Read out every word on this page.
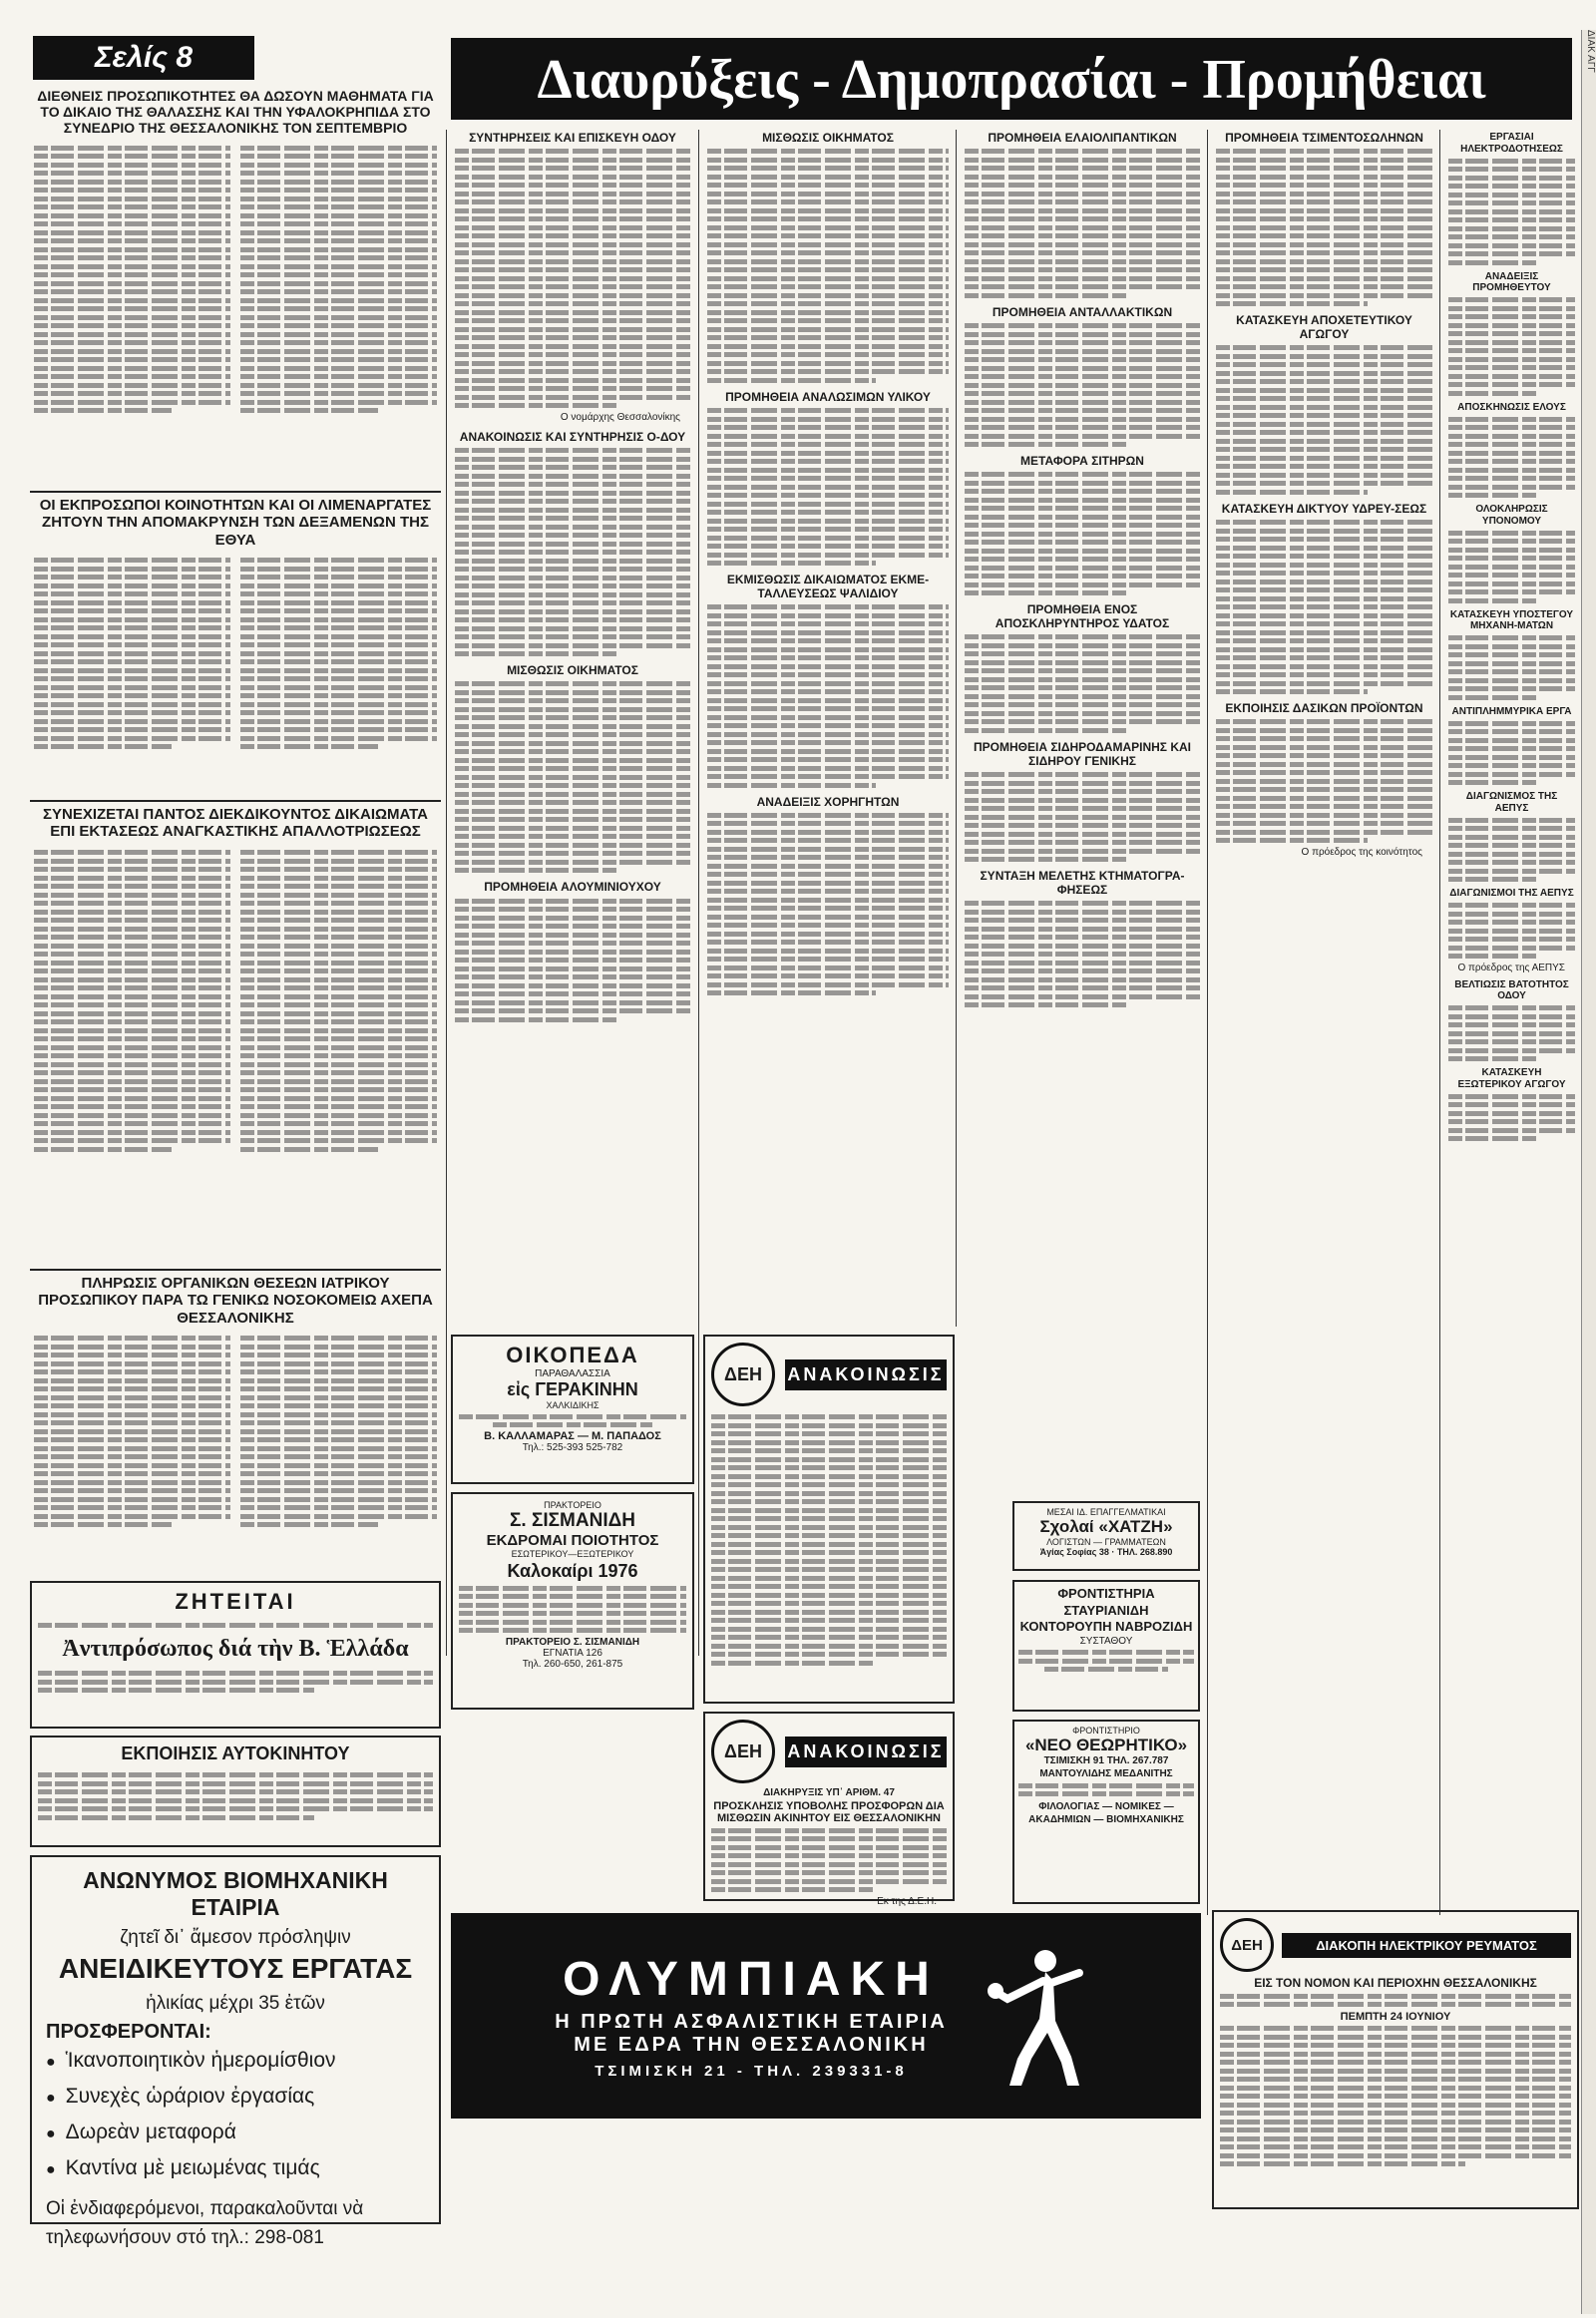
Σελίς 8	Διαυρύξεις - Δημοπρασίαι - Προμήθειαι	ΔΙΑΚ ΑΓΓ
ΔΙΕΘΝΕΙΣ ΠΡΟΣΩΠΙΚΟΤΗΤΕΣ ΘΑ ΔΩΣΟΥΝ ΜΑΘΗΜΑΤΑ ΓΙΑ ΤΟ ΔΙΚΑΙΟ ΤΗΣ ΘΑΛΑΣΣΗΣ ΚΑΙ ΤΗΝ ΥΦΑΛΟΚΡΗΠΙΔΑ ΣΤΟ ΣΥΝΕΔΡΙΟ ΤΗΣ ΘΕΣΣΑΛΟΝΙΚΗΣ ΤΟΝ ΣΕΠΤΕΜΒΡΙΟ
ΟΙ ΕΚΠΡΟΣΩΠΟΙ ΚΟΙΝΟΤΗΤΩΝ ΚΑΙ ΟΙ ΛΙΜΕΝΑΡΓΑΤΕΣ ΖΗΤΟΥΝ ΤΗΝ ΑΠΟΜΑΚΡΥΝΣΗ ΤΩΝ ΔΕΞΑΜΕΝΩΝ ΤΗΣ ΕΘΥΑ
ΣΥΝΕΧΙΖΕΤΑΙ ΠΑΝΤΟΣ ΔΙΕΚΔΙΚΟΥΝΤΟΣ ΔΙΚΑΙΩΜΑΤΑ ΕΠΙ ΕΚΤΑΣΕΩΣ ΑΝΑΓΚΑΣΤΙΚΗΣ ΑΠΑΛΛΟΤΡΙΩΣΕΩΣ
ΠΛΗΡΩΣΙΣ ΟΡΓΑΝΙΚΩΝ ΘΕΣΕΩΝ ΙΑΤΡΙΚΟΥ ΠΡΟΣΩΠΙΚΟΥ ΠΑΡΑ ΤΩ ΓΕΝΙΚΩ ΝΟΣΟΚΟΜΕΙΩ ΑΧΕΠΑ ΘΕΣΣΑΛΟΝΙΚΗΣ
ΖΗΤΕΙΤΑΙ
Ἀντιπρόσωπος διά τὴν Β. Ἑλλάδα
ΕΚΠΟΙΗΣΙΣ ΑΥΤΟΚΙΝΗΤΟΥ
ΑΝΩΝΥΜΟΣ ΒΙΟΜΗΧΑΝΙΚΗ ΕΤΑΙΡΙΑ
ζητεῖ δι᾽ ἄμεσον πρόσληψιν
ΑΝΕΙΔΙΚΕΥΤΟΥΣ ΕΡΓΑΤΑΣ
ἡλικίας μέχρι 35 ἐτῶν
ΠΡΟΣΦΕΡΟΝΤΑΙ:
● Ἱκανοποιητικὸν ἡμερομίσθιον
● Συνεχὲς ὡράριον ἐργασίας
● Δωρεὰν μεταφορά
● Καντίνα μὲ μειωμένας τιμάς
Οἱ ἐνδιαφερόμενοι, παρακαλοῦνται νὰ τηλεφωνήσουν στό τηλ.: 298-081
ΣΥΝΤΗΡΗΣΕΙΣ ΚΑΙ ΕΠΙΣΚΕΥΗ ΟΔΟΥ
Ο νομάρχης Θεσσαλονίκης
ΑΝΑΚΟΙΝΩΣΙΣ ΚΑΙ ΣΥΝΤΗΡΗΣΙΣ Ο-ΔΟΥ
ΜΙΣΘΩΣΙΣ ΟΙΚΗΜΑΤΟΣ
ΠΡΟΜΗΘΕΙΑ ΑΛΟΥΜΙΝΙΟΥΧΟΥ
ΜΙΣΘΩΣΙΣ ΟΙΚΗΜΑΤΟΣ
ΠΡΟΜΗΘΕΙΑ ΑΝΑΛΩΣΙΜΩΝ ΥΛΙΚΟΥ
ΕΚΜΙΣΘΩΣΙΣ ΔΙΚΑΙΩΜΑΤΟΣ ΕΚΜΕ-ΤΑΛΛΕΥΣΕΩΣ ΨΑΛΙΔΙΟΥ
ΑΝΑΔΕΙΞΙΣ ΧΟΡΗΓΗΤΩΝ
ΠΡΟΜΗΘΕΙΑ ΕΛΑΙΟΛΙΠΑΝΤΙΚΩΝ
ΠΡΟΜΗΘΕΙΑ ΑΝΤΑΛΛΑΚΤΙΚΩΝ
ΜΕΤΑΦΟΡΑ ΣΙΤΗΡΩΝ
ΠΡΟΜΗΘΕΙΑ ΕΝΟΣ ΑΠΟΣΚΛΗΡΥΝΤΗΡΟΣ ΥΔΑΤΟΣ
ΠΡΟΜΗΘΕΙΑ ΣΙΔΗΡΟΔΑΜΑΡΙΝΗΣ ΚΑΙ ΣΙΔΗΡΟΥ ΓΕΝΙΚΗΣ
ΣΥΝΤΑΞΗ ΜΕΛΕΤΗΣ ΚΤΗΜΑΤΟΓΡΑ-ΦΗΣΕΩΣ
ΠΡΟΜΗΘΕΙΑ ΤΣΙΜΕΝΤΟΣΩΛΗΝΩΝ
ΚΑΤΑΣΚΕΥΗ ΑΠΟΧΕΤΕΥΤΙΚΟΥ ΑΓΩΓΟΥ
ΚΑΤΑΣΚΕΥΗ ΔΙΚΤΥΟΥ ΥΔΡΕΥ-ΣΕΩΣ
ΕΚΠΟΙΗΣΙΣ ΔΑΣΙΚΩΝ ΠΡΟΪΟΝΤΩΝ
Ο πρόεδρος της κοινότητος
ΕΡΓΑΣΙΑΙ ΗΛΕΚΤΡΟΔΟΤΗΣΕΩΣ
ΑΝΑΔΕΙΞΙΣ ΠΡΟΜΗΘΕΥΤΟΥ
ΑΠΟΣΚΗΝΩΣΙΣ ΕΛΟΥΣ
ΟΛΟΚΛΗΡΩΣΙΣ ΥΠΟΝΟΜΟΥ
ΚΑΤΑΣΚΕΥΗ ΥΠΟΣΤΕΓΟΥ ΜΗΧΑΝΗ-ΜΑΤΩΝ
ΑΝΤΙΠΛΗΜΜΥΡΙΚΑ ΕΡΓΑ
ΔΙΑΓΩΝΙΣΜΟΣ ΤΗΣ ΑΕΠΥΣ
ΔΙΑΓΩΝΙΣΜΟΙ ΤΗΣ ΑΕΠΥΣ
Ο πρόεδρος της ΑΕΠΥΣ
ΒΕΛΤΙΩΣΙΣ ΒΑΤΟΤΗΤΟΣ ΟΔΟΥ
ΚΑΤΑΣΚΕΥΗ ΕΞΩΤΕΡΙΚΟΥ ΑΓΩΓΟΥ
ΟΙΚΟΠΕΔΑ
ΠΑΡΑΘΑΛΑΣΣΙΑ
εἰς ΓΕΡΑΚΙΝΗΝ
ΧΑΛΚΙΔΙΚΗΣ
Β. ΚΑΛΛΑΜΑΡΑΣ — Μ. ΠΑΠΑΔΟΣ
Τηλ.: 525-393 525-782
ΠΡΑΚΤΟΡΕΙΟ
Σ. ΣΙΣΜΑΝΙΔΗ
ΕΚΔΡΟΜΑΙ ΠΟΙΟΤΗΤΟΣ
ΕΣΩΤΕΡΙΚΟΥ—ΕΞΩΤΕΡΙΚΟΥ
Καλοκαίρι 1976
ΠΡΑΚΤΟΡΕΙΟ Σ. ΣΙΣΜΑΝΙΔΗ
ΕΓΝΑΤΙΑ 126
Τηλ. 260-650, 261-875
ΔΕΗ	ΑΝΑΚΟΙΝΩΣΙΣ
ΔΕΗ	ΑΝΑΚΟΙΝΩΣΙΣ
ΔΙΑΚΗΡΥΞΙΣ ΥΠ᾽ ΑΡΙΘΜ. 47
ΠΡΟΣΚΛΗΣΙΣ ΥΠΟΒΟΛΗΣ ΠΡΟΣΦΟΡΩΝ ΔΙΑ ΜΙΣΘΩΣΙΝ ΑΚΙΝΗΤΟΥ ΕΙΣ ΘΕΣΣΑΛΟΝΙΚΗΝ
Εκ της Δ.Ε.Η.
ΜΕΣΑΙ ΙΔ. ΕΠΑΓΓΕΛΜΑΤΙΚΑΙ
Σχολαί «ΧΑΤΖΗ»
ΛΟΓΙΣΤΩΝ — ΓΡΑΜΜΑΤΕΩΝ
Ἁγίας Σοφίας 38 · ΤΗΛ. 268.890
ΦΡΟΝΤΙΣΤΗΡΙΑ
ΣΤΑΥΡΙΑΝΙΔΗ ΚΟΝΤΟΡΟΥΠΗ ΝΑΒΡΟΖΙΔΗ
ΣΥΣΤΑΘΟΥ
ΦΡΟΝΤΙΣΤΗΡΙΟ
«ΝΕΟ ΘΕΩΡΗΤΙΚΟ»
ΤΣΙΜΙΣΚΗ 91 ΤΗΛ. 267.787
ΜΑΝΤΟΥΛΙΔΗΣ ΜΕΔΑΝΙΤΗΣ
ΦΙΛΟΛΟΓΙΑΣ — ΝΟΜΙΚΕΣ — ΑΚΑΔΗΜΙΩΝ — ΒΙΟΜΗΧΑΝΙΚΗΣ
ΔΕΗ	ΔΙΑΚΟΠΗ ΗΛΕΚΤΡΙΚΟΥ ΡΕΥΜΑΤΟΣ
ΕΙΣ ΤΟΝ ΝΟΜΟΝ ΚΑΙ ΠΕΡΙΟΧΗΝ ΘΕΣΣΑΛΟΝΙΚΗΣ
ΠΕΜΠΤΗ 24 ΙΟΥΝΙΟΥ
ΟΛΥΜΠΙΑΚΗ
Η ΠΡΩΤΗ ΑΣΦΑΛΙΣΤΙΚΗ ΕΤΑΙΡΙΑ
ΜΕ ΕΔΡΑ ΤΗΝ ΘΕΣΣΑΛΟΝΙΚΗ
ΤΣΙΜΙΣΚΗ 21 - ΤΗΛ. 239331-8
